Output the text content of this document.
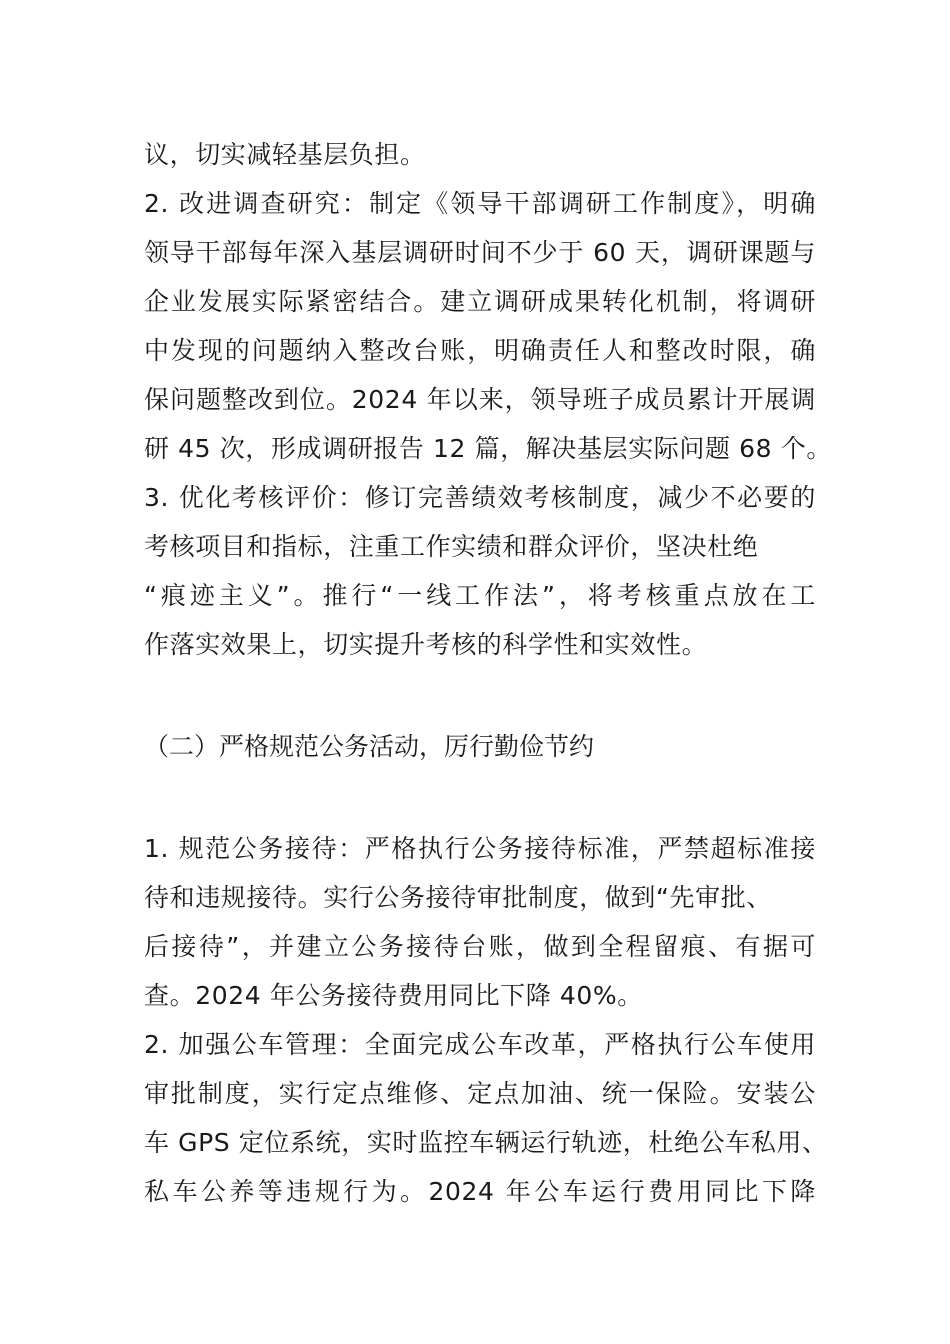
议，切实减轻基层负担。
2. 改进调查研究：制定《领导干部调研工作制度》，明确
领导干部每年深入基层调研时间不少于 60 天，调研课题与
企业发展实际紧密结合。建立调研成果转化机制，将调研
中发现的问题纳入整改台账，明确责任人和整改时限，确
保问题整改到位。2024 年以来，领导班子成员累计开展调
研 45 次，形成调研报告 12 篇，解决基层实际问题 68 个。
3. 优化考核评价：修订完善绩效考核制度，减少不必要的
考核项目和指标，注重工作实绩和群众评价，坚决杜绝
“痕迹主义”。推行“一线工作法”，将考核重点放在工
作落实效果上，切实提升考核的科学性和实效性。
（二）严格规范公务活动，厉行勤俭节约
1. 规范公务接待：严格执行公务接待标准，严禁超标准接
待和违规接待。实行公务接待审批制度，做到“先审批、
后接待”，并建立公务接待台账，做到全程留痕、有据可
查。2024 年公务接待费用同比下降 40%。
2. 加强公车管理：全面完成公车改革，严格执行公车使用
审批制度，实行定点维修、定点加油、统一保险。安装公
车 GPS 定位系统，实时监控车辆运行轨迹，杜绝公车私用、
私车公养等违规行为。2024 年公车运行费用同比下降
